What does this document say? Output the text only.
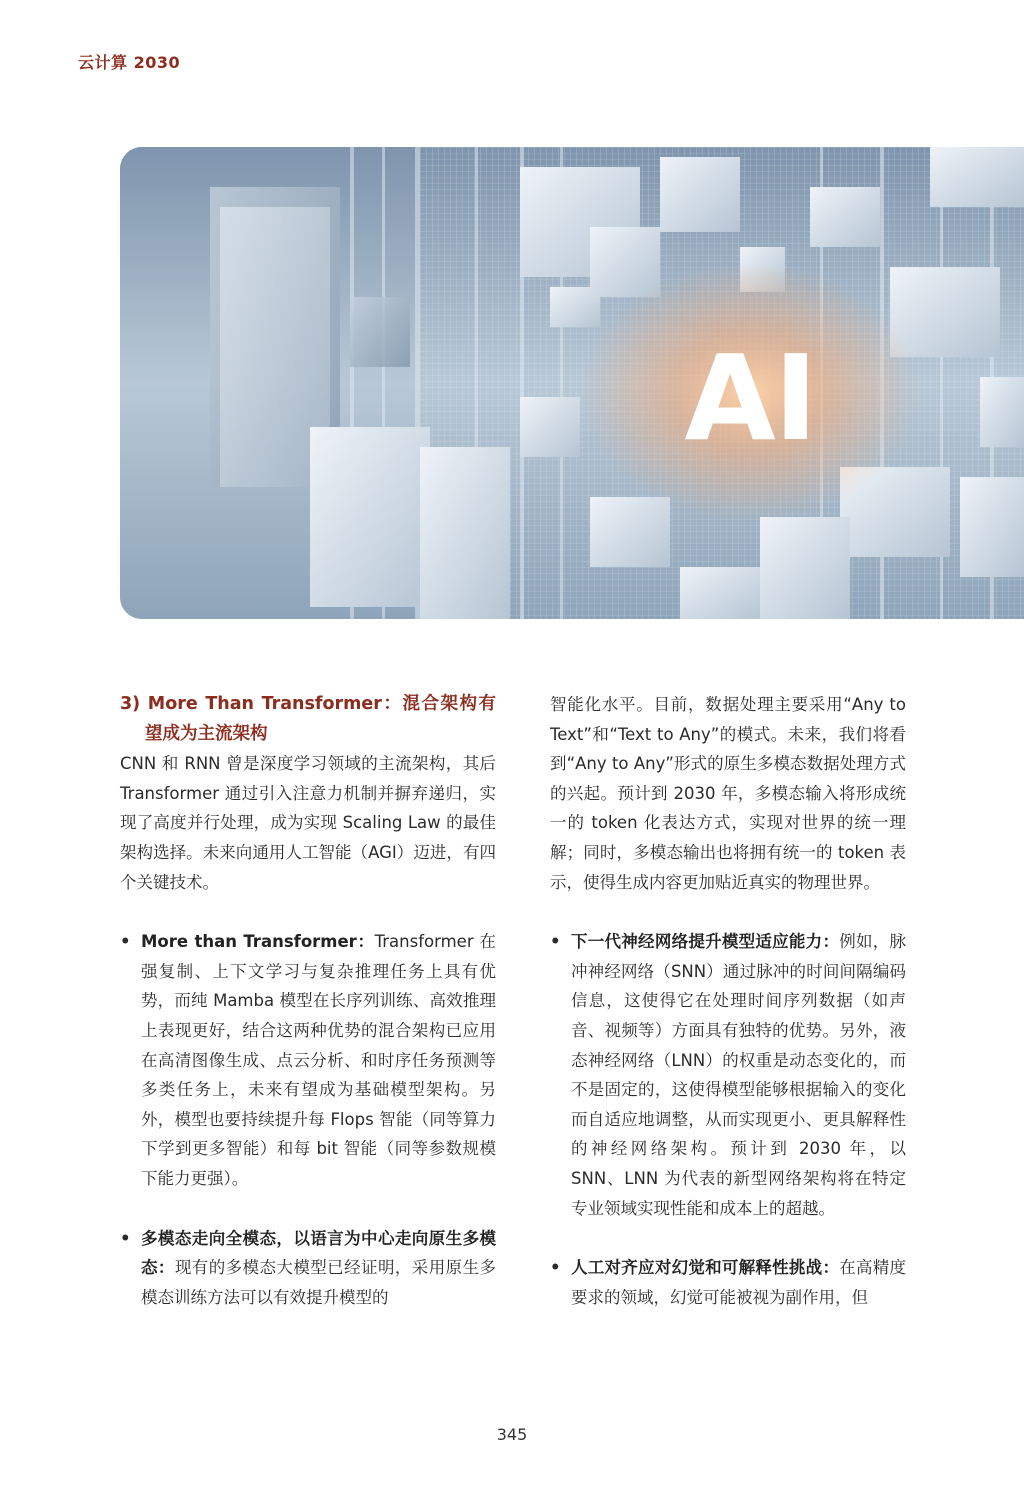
云计算 2030
AI

3) More Than Transformer：混合架构有望成为主流架构

CNN 和 RNN 曾是深度学习领域的主流架构，其后 Transformer 通过引入注意力机制并摒弃递归，实现了高度并行处理，成为实现 Scaling Law 的最佳架构选择。未来向通用人工智能（AGI）迈进，有四个关键技术。

• More than Transformer：Transformer 在强复制、上下文学习与复杂推理任务上具有优势，而纯 Mamba 模型在长序列训练、高效推理上表现更好，结合这两种优势的混合架构已应用在高清图像生成、点云分析、和时序任务预测等多类任务上，未来有望成为基础模型架构。另外，模型也要持续提升每 Flops 智能（同等算力下学到更多智能）和每 bit 智能（同等参数规模下能力更强）。
• 多模态走向全模态，以语言为中心走向原生多模态：现有的多模态大模型已经证明，采用原生多模态训练方法可以有效提升模型的

智能化水平。目前，数据处理主要采用“Any to Text”和“Text to Any”的模式。未来，我们将看到“Any to Any”形式的原生多模态数据处理方式的兴起。预计到 2030 年，多模态输入将形成统一的 token 化表达方式，实现对世界的统一理解；同时，多模态输出也将拥有统一的 token 表示，使得生成内容更加贴近真实的物理世界。

• 下一代神经网络提升模型适应能力：例如，脉冲神经网络（SNN）通过脉冲的时间间隔编码信息，这使得它在处理时间序列数据（如声音、视频等）方面具有独特的优势。另外，液态神经网络（LNN）的权重是动态变化的，而不是固定的，这使得模型能够根据输入的变化而自适应地调整，从而实现更小、更具解释性的神经网络架构。预计到 2030 年，以 SNN、LNN 为代表的新型网络架构将在特定专业领域实现性能和成本上的超越。
• 人工对齐应对幻觉和可解释性挑战：在高精度要求的领域，幻觉可能被视为副作用，但
345
